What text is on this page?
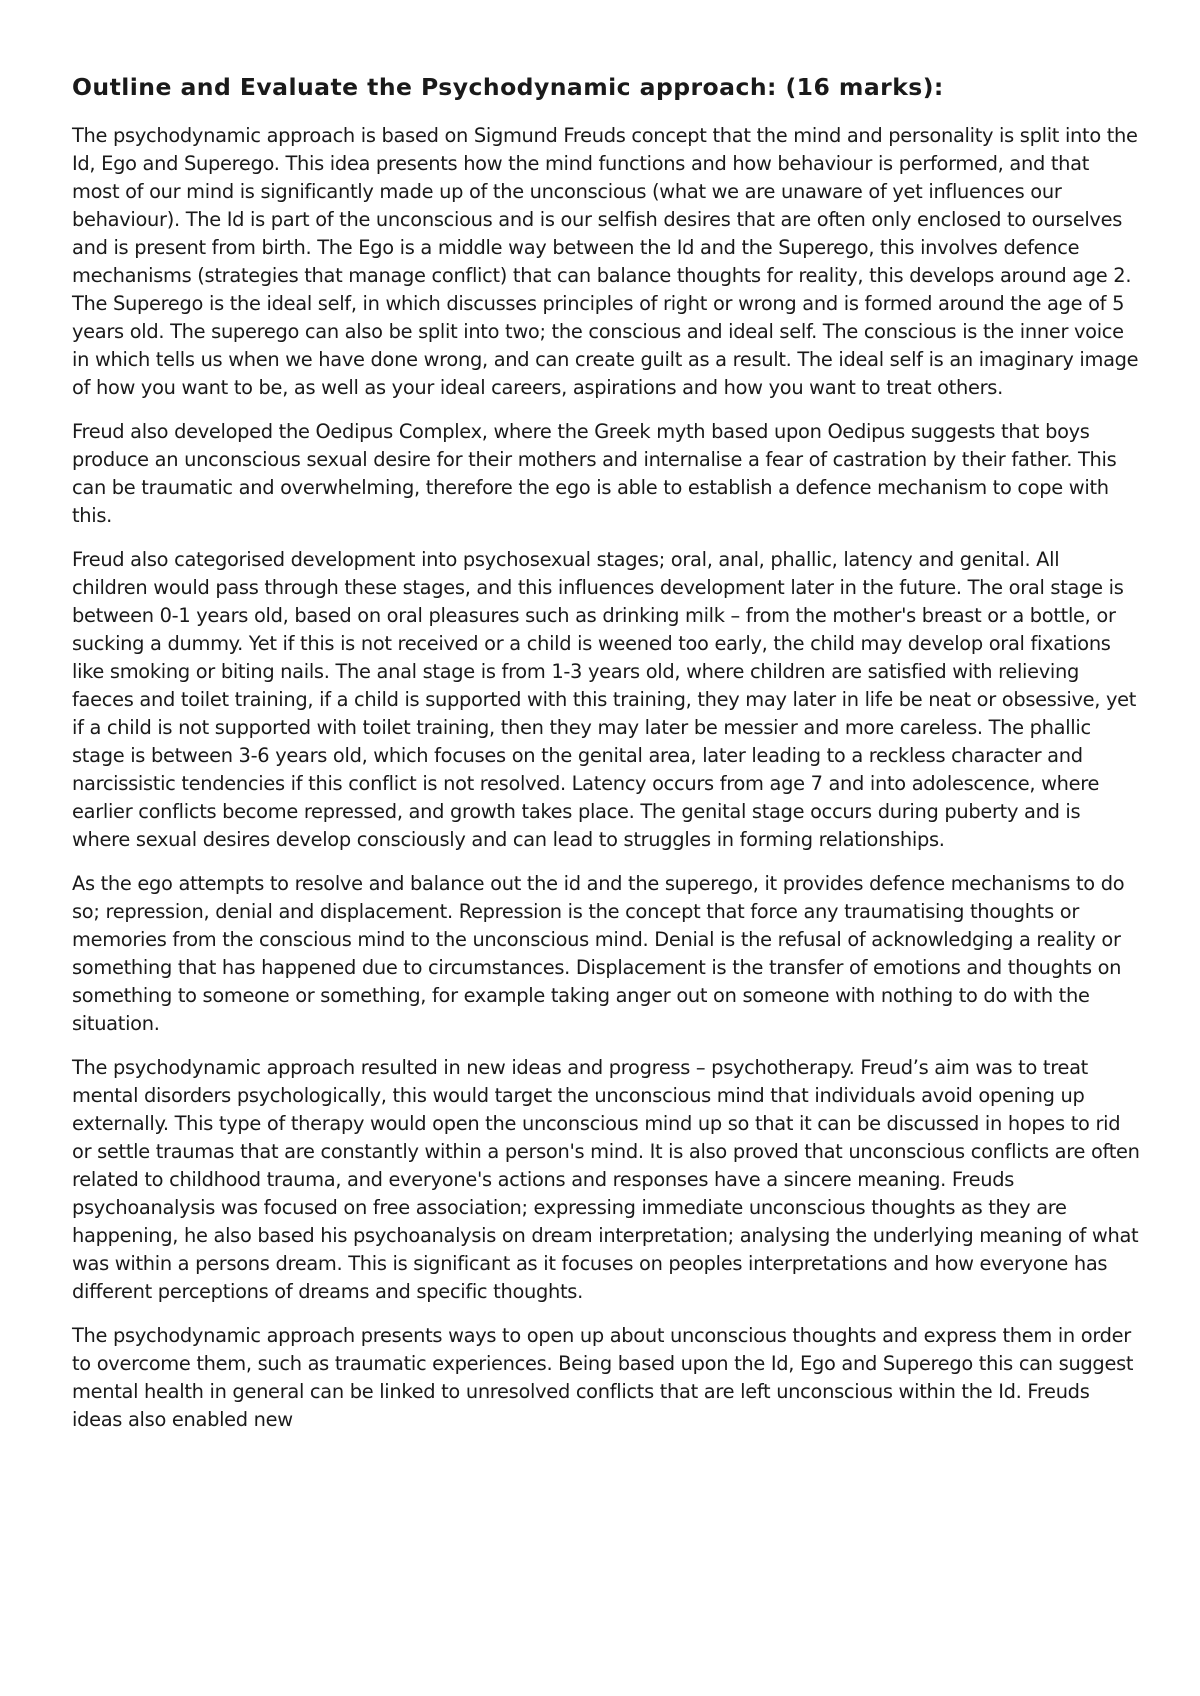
Outline and Evaluate the Psychodynamic approach: (16 marks):

The psychodynamic approach is based on Sigmund Freuds concept that the mind and personality is split into the Id, Ego and Superego. This idea presents how the mind functions and how behaviour is performed, and that most of our mind is significantly made up of the unconscious (what we are unaware of yet influences our behaviour). The Id is part of the unconscious and is our selfish desires that are often only enclosed to ourselves and is present from birth. The Ego is a middle way between the Id and the Superego, this involves defence mechanisms (strategies that manage conflict) that can balance thoughts for reality, this develops around age 2. The Superego is the ideal self, in which discusses principles of right or wrong and is formed around the age of 5 years old. The superego can also be split into two; the conscious and ideal self. The conscious is the inner voice in which tells us when we have done wrong, and can create guilt as a result. The ideal self is an imaginary image of how you want to be, as well as your ideal careers, aspirations and how you want to treat others.

Freud also developed the Oedipus Complex, where the Greek myth based upon Oedipus suggests that boys produce an unconscious sexual desire for their mothers and internalise a fear of castration by their father. This can be traumatic and overwhelming, therefore the ego is able to establish a defence mechanism to cope with this.

Freud also categorised development into psychosexual stages; oral, anal, phallic, latency and genital. All children would pass through these stages, and this influences development later in the future. The oral stage is between 0-1 years old, based on oral pleasures such as drinking milk – from the mother's breast or a bottle, or sucking a dummy. Yet if this is not received or a child is weened too early, the child may develop oral fixations like smoking or biting nails. The anal stage is from 1-3 years old, where children are satisfied with relieving faeces and toilet training, if a child is supported with this training, they may later in life be neat or obsessive, yet if a child is not supported with toilet training, then they may later be messier and more careless. The phallic stage is between 3-6 years old, which focuses on the genital area, later leading to a reckless character and narcissistic tendencies if this conflict is not resolved. Latency occurs from age 7 and into adolescence, where earlier conflicts become repressed, and growth takes place. The genital stage occurs during puberty and is where sexual desires develop consciously and can lead to struggles in forming relationships.

As the ego attempts to resolve and balance out the id and the superego, it provides defence mechanisms to do so; repression, denial and displacement. Repression is the concept that force any traumatising thoughts or memories from the conscious mind to the unconscious mind. Denial is the refusal of acknowledging a reality or something that has happened due to circumstances. Displacement is the transfer of emotions and thoughts on something to someone or something, for example taking anger out on someone with nothing to do with the situation.

The psychodynamic approach resulted in new ideas and progress – psychotherapy. Freud’s aim was to treat mental disorders psychologically, this would target the unconscious mind that individuals avoid opening up externally. This type of therapy would open the unconscious mind up so that it can be discussed in hopes to rid or settle traumas that are constantly within a person's mind. It is also proved that unconscious conflicts are often related to childhood trauma, and everyone's actions and responses have a sincere meaning. Freuds psychoanalysis was focused on free association; expressing immediate unconscious thoughts as they are happening, he also based his psychoanalysis on dream interpretation; analysing the underlying meaning of what was within a persons dream. This is significant as it focuses on peoples interpretations and how everyone has different perceptions of dreams and specific thoughts.

The psychodynamic approach presents ways to open up about unconscious thoughts and express them in order to overcome them, such as traumatic experiences. Being based upon the Id, Ego and Superego this can suggest mental health in general can be linked to unresolved conflicts that are left unconscious within the Id. Freuds ideas also enabled new
